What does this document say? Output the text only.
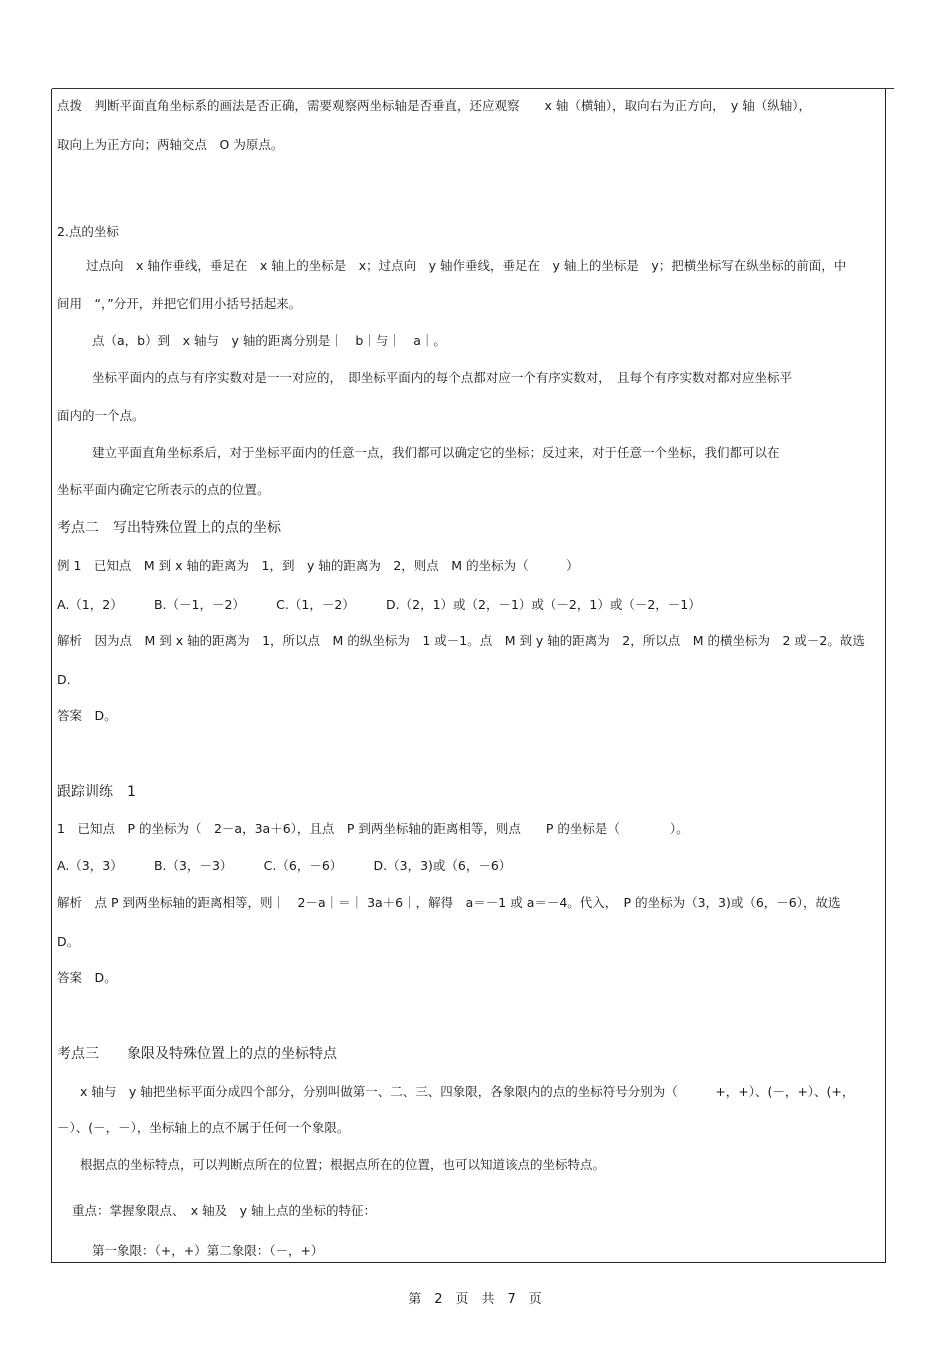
点拨　判断平面直角坐标系的画法是否正确，需要观察两坐标轴是否垂直，还应观察　　x 轴（横轴），取向右为正方向，　y 轴（纵轴），
取向上为正方向；两轴交点　O 为原点。
2.点的坐标
过点向　x 轴作垂线，垂足在　x 轴上的坐标是　x；过点向　y 轴作垂线，垂足在　y 轴上的坐标是　y；把横坐标写在纵坐标的前面，中
间用　“，”分开，并把它们用小括号括起来。
点（a，b）到　x 轴与　y 轴的距离分别是｜　b｜与｜　a｜。
坐标平面内的点与有序实数对是一一对应的，　即坐标平面内的每个点都对应一个有序实数对，　且每个有序实数对都对应坐标平
面内的一个点。
建立平面直角坐标系后，对于坐标平面内的任意一点，我们都可以确定它的坐标；反过来，对于任意一个坐标，我们都可以在
坐标平面内确定它所表示的点的位置。
考点二　写出特殊位置上的点的坐标
例 1　已知点　M 到 x 轴的距离为　1，到　y 轴的距离为　2，则点　M 的坐标为（　　　）
A.（1，2）　　　B.（－1，－2）　　　C.（1，－2）　　　D.（2，1）或（2，－1）或（－2，1）或（－2，－1）
解析　因为点　M 到 x 轴的距离为　1，所以点　M 的纵坐标为　1 或－1。点　M 到 y 轴的距离为　2，所以点　M 的横坐标为　2 或－2。故选
D.
答案　D。
跟踪训练　1
1　已知点　P 的坐标为（　2－a，3a＋6），且点　P 到两坐标轴的距离相等，则点　　P 的坐标是（　　　　）。
A.（3，3）　　　B.（3，－3）　　　C.（6，－6）　　　D.（3，3)或（6，－6）
解析　点 P 到两坐标轴的距离相等，则｜　2－a｜＝｜ 3a＋6｜，解得　a＝－1 或 a＝－4。代入，　P 的坐标为（3，3)或（6，－6），故选
D。
答案　D。
考点三　　象限及特殊位置上的点的坐标特点
x 轴与　y 轴把坐标平面分成四个部分，分别叫做第一、二、三、四象限，各象限内的点的坐标符号分别为（　　　+，+）、(－，+）、(+，
－）、(－，－），坐标轴上的点不属于任何一个象限。
根据点的坐标特点，可以判断点所在的位置；根据点所在的位置，也可以知道该点的坐标特点。
重点：掌握象限点、　x 轴及　y 轴上点的坐标的特征：
第一象限：（+，+）第二象限：（－，+）
第　2　页　共　7　页
